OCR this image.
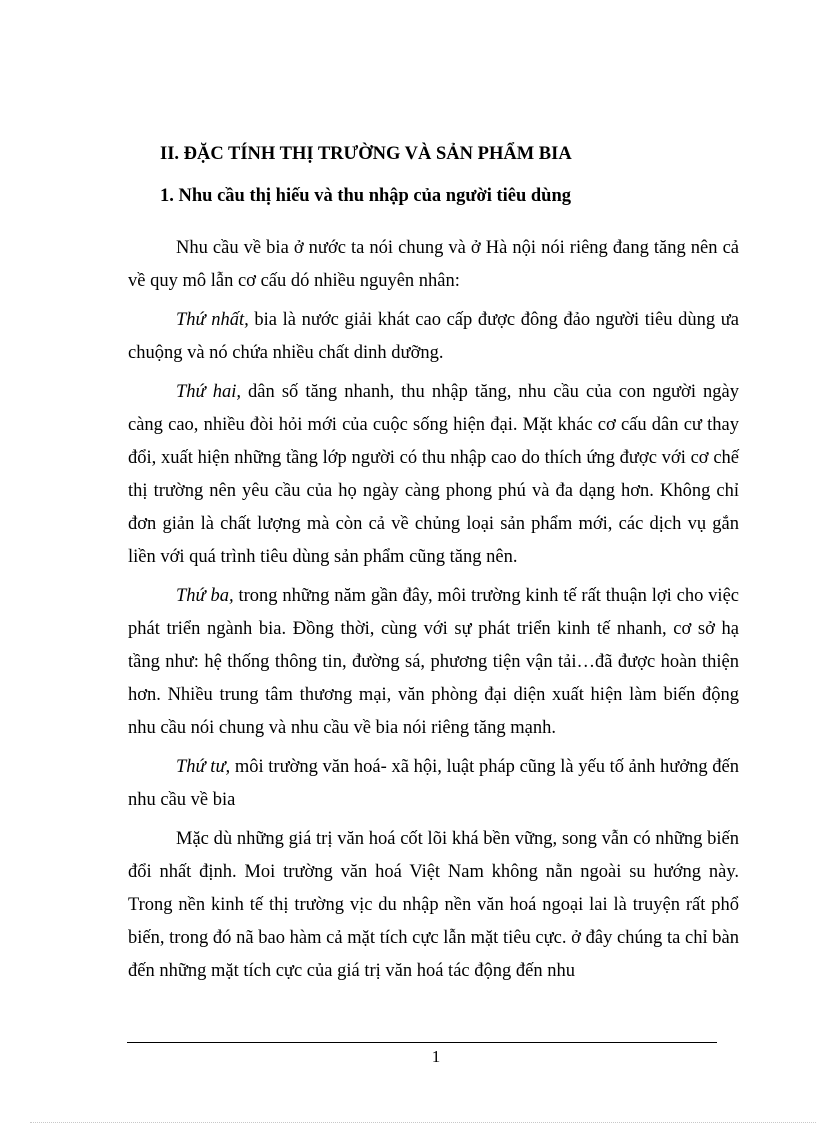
II. ĐẶC TÍNH THỊ TRƯỜNG VÀ SẢN PHẨM BIA

1. Nhu cầu thị hiếu và thu nhập của người tiêu dùng

Nhu cầu về bia ở nước ta nói chung và ở Hà nội nói riêng đang tăng nên cả về quy mô lẫn cơ cấu dó nhiều nguyên nhân:

Thứ nhất, bia là nước giải khát cao cấp được đông đảo người tiêu dùng ưa chuộng và nó chứa nhiều chất dinh dưỡng.

Thứ hai, dân số tăng nhanh, thu nhập tăng, nhu cầu của con người ngày càng cao, nhiều đòi hỏi mới của cuộc sống hiện đại. Mặt khác cơ cấu dân cư thay đổi, xuất hiện những tầng lớp người có thu nhập cao do thích ứng được với cơ chế thị trường nên yêu cầu của họ ngày càng phong phú và đa dạng hơn. Không chỉ đơn giản là chất lượng mà còn cả về chủng loại sản phẩm mới, các dịch vụ gắn liền với quá trình tiêu dùng sản phẩm cũng tăng nên.

Thứ ba, trong những năm gần đây, môi trường kinh tế rất thuận lợi cho việc phát triển ngành bia. Đồng thời, cùng với sự phát triển kinh tế nhanh, cơ sở hạ tầng như: hệ thống thông tin, đường sá, phương tiện vận tải…đã được hoàn thiện hơn. Nhiều trung tâm thương mại, văn phòng đại diện xuất hiện làm biến động nhu cầu nói chung và nhu cầu về bia nói riêng tăng mạnh.

Thứ tư, môi trường văn hoá- xã hội, luật pháp cũng là yếu tố ảnh hưởng đến nhu cầu về bia

Mặc dù những giá trị văn hoá cốt lõi khá bền vững, song vẫn có những biến đổi nhất định. Moi trường văn hoá Việt Nam không nằn ngoài su hướng này. Trong nền kinh tế thị trường vịc du nhập nền văn hoá ngoại lai là truyện rất phổ biến, trong đó nã bao hàm cả mặt tích cực lẫn mặt tiêu cực. ở đây chúng ta chỉ bàn đến những mặt tích cực của giá trị văn hoá tác động đến nhu

1
